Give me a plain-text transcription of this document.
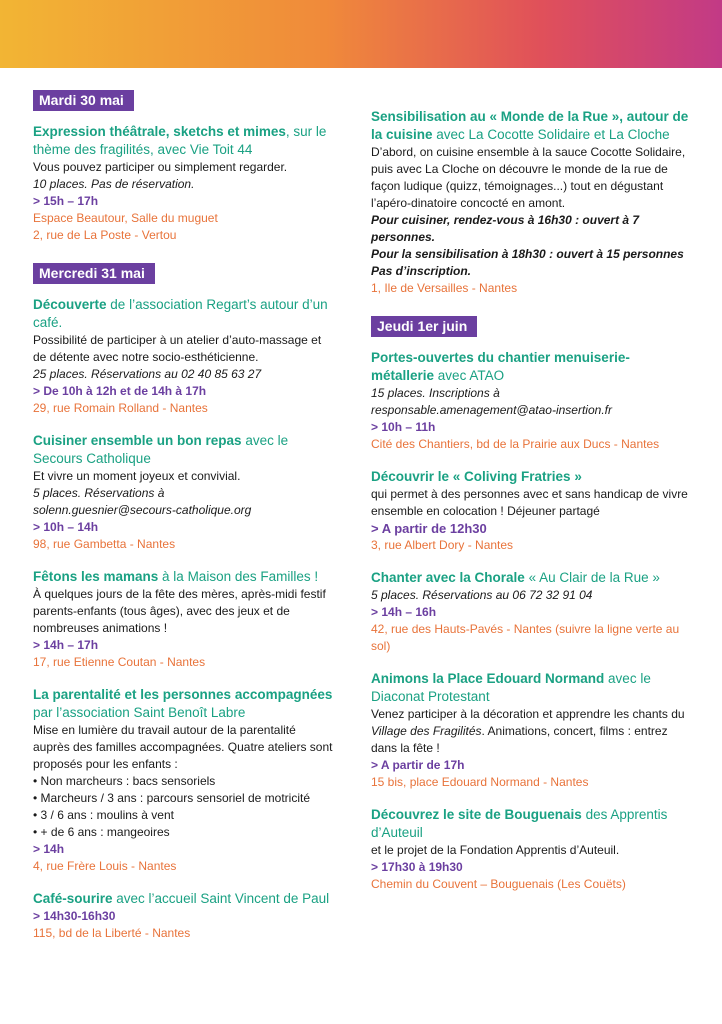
Mardi 30 mai
Expression théâtrale, sketchs et mimes, sur le thème des fragilités, avec Vie Toit 44
Vous pouvez participer ou simplement regarder.
10 places. Pas de réservation.
> 15h – 17h
Espace Beautour, Salle du muguet
2, rue de La Poste - Vertou
Mercredi 31 mai
Découverte de l’association Regart’s autour d’un café.
Possibilité de participer à un atelier d’auto-massage et de détente avec notre socio-esthéticienne.
25 places. Réservations au 02 40 85 63 27
> De 10h à 12h et de 14h à 17h
29, rue Romain Rolland - Nantes
Cuisiner ensemble un bon repas avec le Secours Catholique
Et vivre un moment joyeux et convivial.
5 places. Réservations à
solenn.guesnier@secours-catholique.org
> 10h – 14h
98, rue Gambetta - Nantes
Fêtons les mamans à la Maison des Familles !
À quelques jours de la fête des mères, après-midi festif parents-enfants (tous âges), avec des jeux et de nombreuses animations !
> 14h – 17h
17, rue Etienne Coutan - Nantes
La parentalité et les personnes accompagnées par l’association Saint Benoît Labre
Mise en lumière du travail autour de la parentalité auprès des familles accompagnées. Quatre ateliers sont proposés pour les enfants :
• Non marcheurs : bacs sensoriels
• Marcheurs / 3 ans : parcours sensoriel de motricité
• 3 / 6 ans : moulins à vent
• + de 6 ans : mangeoires
> 14h
4, rue Frère Louis - Nantes
Café-sourire avec l’accueil Saint Vincent de Paul
> 14h30-16h30
115, bd de la Liberté - Nantes
Sensibilisation au « Monde de la Rue », autour de la cuisine avec La Cocotte Solidaire et La Cloche
D’abord, on cuisine ensemble à la sauce Cocotte Solidaire, puis avec La Cloche on découvre le monde de la rue de façon ludique (quizz, témoignages...) tout en dégustant l’apéro-dinatoire concocté en amont.
Pour cuisiner, rendez-vous à 16h30 : ouvert à 7 personnes.
Pour la sensibilisation à 18h30 : ouvert à 15 personnes
Pas d’inscription.
1, Ile de Versailles - Nantes
Jeudi 1er juin
Portes-ouvertes du chantier menuiserie-métallerie avec ATAO
15 places. Inscriptions à
responsable.amenagement@atao-insertion.fr
> 10h – 11h
Cité des Chantiers, bd de la Prairie aux Ducs - Nantes
Découvrir le « Coliving Fratries »
qui permet à des personnes avec et sans handicap de vivre ensemble en colocation ! Déjeuner partagé
> A partir de 12h30
3, rue Albert Dory - Nantes
Chanter avec la Chorale « Au Clair de la Rue »
5 places. Réservations au 06 72 32 91 04
> 14h – 16h
42, rue des Hauts-Pavés - Nantes (suivre la ligne verte au sol)
Animons la Place Edouard Normand avec le Diaconat Protestant
Venez participer à la décoration et apprendre les chants du Village des Fragilités. Animations, concert, films : entrez dans la fête !
> A partir de 17h
15 bis, place Edouard Normand - Nantes
Découvrez le site de Bouguenais des Apprentis d’Auteuil
et le projet de la Fondation Apprentis d’Auteuil.
> 17h30 à 19h30
Chemin du Couvent – Bouguenais (Les Couëts)
